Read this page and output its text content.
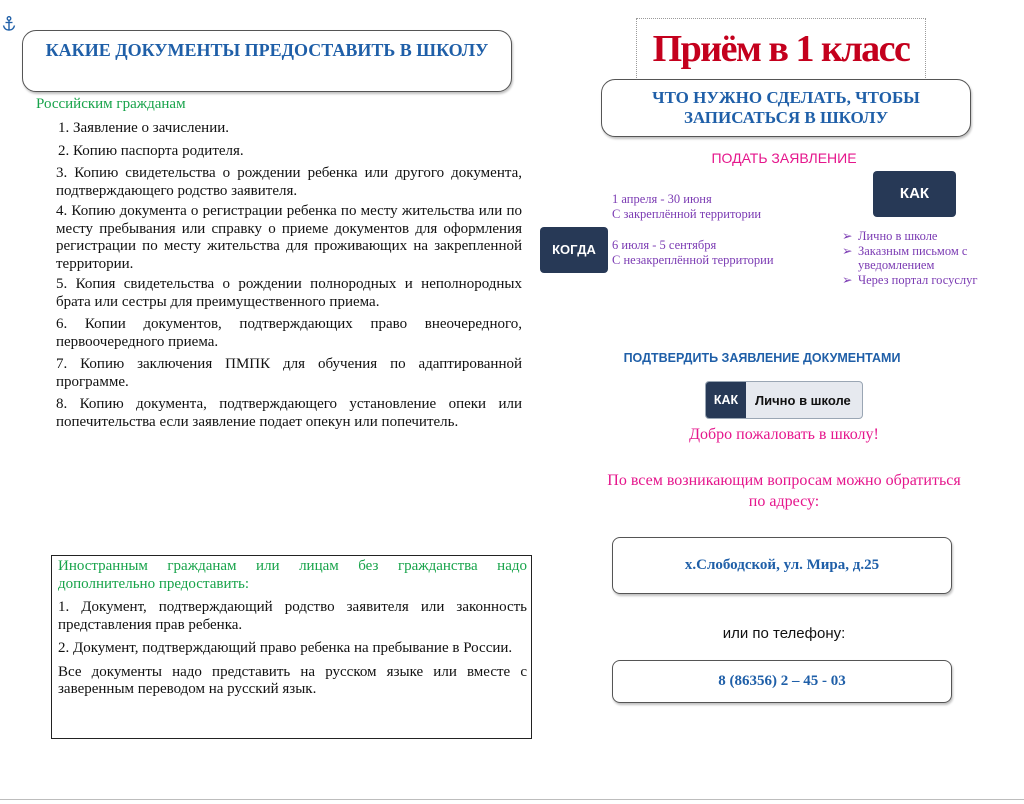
КАКИЕ ДОКУМЕНТЫ ПРЕДОСТАВИТЬ В ШКОЛУ
Российским гражданам
1. Заявление о зачислении.
2. Копию паспорта родителя.
3. Копию свидетельства о рождении ребенка или другого документа, подтверждающего родство заявителя.
4. Копию документа о регистрации ребенка по месту жительства или по месту пребывания или справку о приеме документов для оформления регистрации по месту жительства для проживающих на закрепленной территории.
5. Копия свидетельства о рождении полнородных и неполнородных брата или сестры для преимущественного приема.
6. Копии документов, подтверждающих право внеочередного, первоочередного приема.
7. Копию заключения ПМПК для обучения по адаптированной программе.
8. Копию документа, подтверждающего установление опеки или попечительства если заявление подает опекун или попечитель.
Иностранным гражданам или лицам без гражданства надо дополнительно предоставить:
1. Документ, подтверждающий родство заявителя или законность представления прав ребенка.
2. Документ, подтверждающий право ребенка на пребывание в России.
Все документы надо представить на русском языке или вместе с заверенным переводом на русский язык.
Приём в 1 класс
ЧТО НУЖНО СДЕЛАТЬ, ЧТОБЫ ЗАПИСАТЬСЯ В ШКОЛУ
ПОДАТЬ ЗАЯВЛЕНИЕ
КАК
КОГДА
1 апреля - 30 июня
С закреплённой территории
6 июля - 5 сентября
С незакреплённой территории
➢ Лично в школе
➢ Заказным письмом с уведомлением
➢ Через портал госуслуг
ПОДТВЕРДИТЬ ЗАЯВЛЕНИЕ ДОКУМЕНТАМИ
КАК	Лично в школе
Добро пожаловать в школу!
По всем возникающим вопросам можно обратиться по адресу:
х.Слободской, ул. Мира, д.25
или по телефону:
8 (86356) 2 – 45 - 03
